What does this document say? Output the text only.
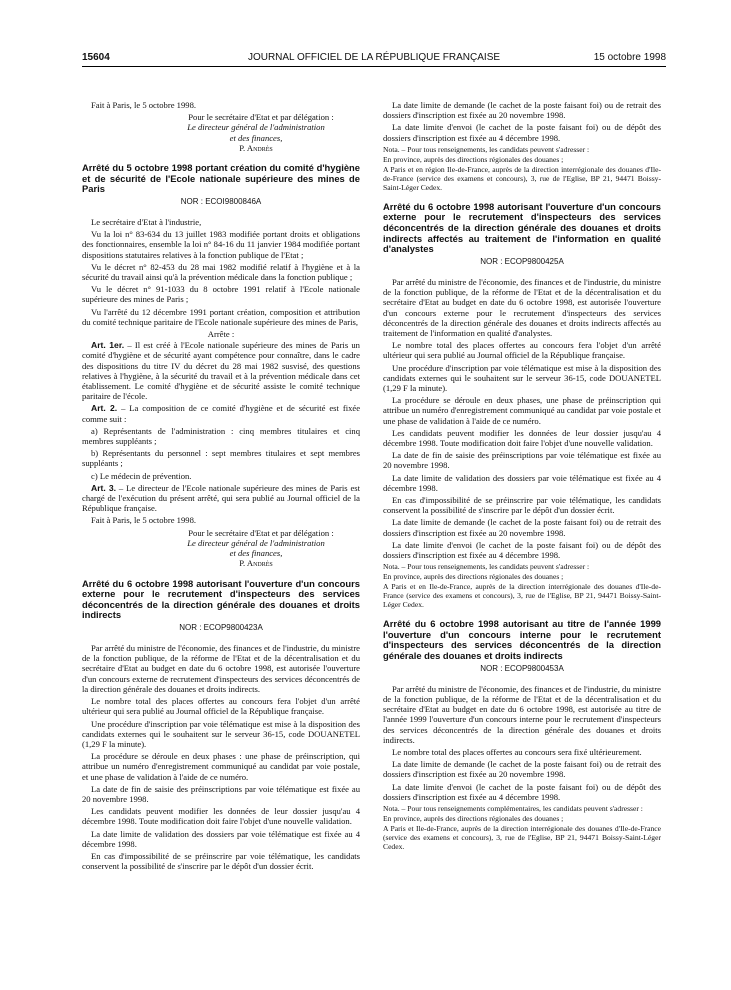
15604	JOURNAL OFFICIEL DE LA RÉPUBLIQUE FRANÇAISE	15 octobre 1998

Fait à Paris, le 5 octobre 1998.

Pour le secrétaire d'Etat et par délégation :

Le directeur général de l'administration

et des finances,

P. Andrès

Arrêté du 5 octobre 1998 portant création du comité d'hygiène et de sécurité de l'Ecole nationale supérieure des mines de Paris
NOR : ECOI9800846A

Le secrétaire d'Etat à l'industrie,

Vu la loi n° 83-634 du 13 juillet 1983 modifiée portant droits et obligations des fonctionnaires, ensemble la loi n° 84-16 du 11 janvier 1984 modifiée portant dispositions statutaires relatives à la fonction publique de l'Etat ;

Vu le décret n° 82-453 du 28 mai 1982 modifié relatif à l'hygiène et à la sécurité du travail ainsi qu'à la prévention médicale dans la fonction publique ;

Vu le décret n° 91-1033 du 8 octobre 1991 relatif à l'Ecole nationale supérieure des mines de Paris ;

Vu l'arrêté du 12 décembre 1991 portant création, composition et attribution du comité technique paritaire de l'Ecole nationale supérieure des mines de Paris,

Arrête :

Art. 1er. – Il est créé à l'Ecole nationale supérieure des mines de Paris un comité d'hygiène et de sécurité ayant compétence pour connaître, dans le cadre des dispositions du titre IV du décret du 28 mai 1982 susvisé, des questions relatives à l'hygiène, à la sécurité du travail et à la prévention médicale dans cet établissement. Le comité d'hygiène et de sécurité assiste le comité technique paritaire de l'école.

Art. 2. – La composition de ce comité d'hygiène et de sécurité est fixée comme suit :

a) Représentants de l'administration : cinq membres titulaires et cinq membres suppléants ;

b) Représentants du personnel : sept membres titulaires et sept membres suppléants ;

c) Le médecin de prévention.

Art. 3. – Le directeur de l'Ecole nationale supérieure des mines de Paris est chargé de l'exécution du présent arrêté, qui sera publié au Journal officiel de la République française.

Fait à Paris, le 5 octobre 1998.

Pour le secrétaire d'Etat et par délégation :

Le directeur général de l'administration

et des finances,

P. Andrès

Arrêté du 6 octobre 1998 autorisant l'ouverture d'un concours externe pour le recrutement d'inspecteurs des services déconcentrés de la direction générale des douanes et droits indirects
NOR : ECOP9800423A

Par arrêté du ministre de l'économie, des finances et de l'industrie, du ministre de la fonction publique, de la réforme de l'Etat et de la décentralisation et du secrétaire d'Etat au budget en date du 6 octobre 1998, est autorisée l'ouverture d'un concours externe de recrutement d'inspecteurs des services déconcentrés de la direction générale des douanes et droits indirects.

Le nombre total des places offertes au concours fera l'objet d'un arrêté ultérieur qui sera publié au Journal officiel de la République française.

Une procédure d'inscription par voie télématique est mise à la disposition des candidats externes qui le souhaitent sur le serveur 36-15, code DOUANETEL (1,29 F la minute).

La procédure se déroule en deux phases : une phase de préinscription, qui attribue un numéro d'enregistrement communiqué au candidat par voie postale, et une phase de validation à l'aide de ce numéro.

La date de fin de saisie des préinscriptions par voie télématique est fixée au 20 novembre 1998.

Les candidats peuvent modifier les données de leur dossier jusqu'au 4 décembre 1998. Toute modification doit faire l'objet d'une nouvelle validation.

La date limite de validation des dossiers par voie télématique est fixée au 4 décembre 1998.

En cas d'impossibilité de se préinscrire par voie télématique, les candidats conservent la possibilité de s'inscrire par le dépôt d'un dossier écrit.

La date limite de demande (le cachet de la poste faisant foi) ou de retrait des dossiers d'inscription est fixée au 20 novembre 1998.

La date limite d'envoi (le cachet de la poste faisant foi) ou de dépôt des dossiers d'inscription est fixée au 4 décembre 1998.

Nota. – Pour tous renseignements, les candidats peuvent s'adresser :

En province, auprès des directions régionales des douanes ;

A Paris et en région Ile-de-France, auprès de la direction interrégionale des douanes d'Ile-de-France (service des examens et concours), 3, rue de l'Eglise, BP 21, 94471 Boissy-Saint-Léger Cedex.

Arrêté du 6 octobre 1998 autorisant l'ouverture d'un concours externe pour le recrutement d'inspecteurs des services déconcentrés de la direction générale des douanes et droits indirects affectés au traitement de l'information en qualité d'analystes
NOR : ECOP9800425A

Par arrêté du ministre de l'économie, des finances et de l'industrie, du ministre de la fonction publique, de la réforme de l'Etat et de la décentralisation et du secrétaire d'Etat au budget en date du 6 octobre 1998, est autorisée l'ouverture d'un concours externe pour le recrutement d'inspecteurs des services déconcentrés de la direction générale des douanes et droits indirects affectés au traitement de l'information en qualité d'analystes.

Le nombre total des places offertes au concours fera l'objet d'un arrêté ultérieur qui sera publié au Journal officiel de la République française.

Une procédure d'inscription par voie télématique est mise à la disposition des candidats externes qui le souhaitent sur le serveur 36-15, code DOUANETEL (1,29 F la minute).

La procédure se déroule en deux phases, une phase de préinscription qui attribue un numéro d'enregistrement communiqué au candidat par voie postale et une phase de validation à l'aide de ce numéro.

Les candidats peuvent modifier les données de leur dossier jusqu'au 4 décembre 1998. Toute modification doit faire l'objet d'une nouvelle validation.

La date de fin de saisie des préinscriptions par voie télématique est fixée au 20 novembre 1998.

La date limite de validation des dossiers par voie télématique est fixée au 4 décembre 1998.

En cas d'impossibilité de se préinscrire par voie télématique, les candidats conservent la possibilité de s'inscrire par le dépôt d'un dossier écrit.

La date limite de demande (le cachet de la poste faisant foi) ou de retrait des dossiers d'inscription est fixée au 20 novembre 1998.

La date limite d'envoi (le cachet de la poste faisant foi) ou de dépôt des dossiers d'inscription est fixée au 4 décembre 1998.

Nota. – Pour tous renseignements, les candidats peuvent s'adresser :

En province, auprès des directions régionales des douanes ;

A Paris et en Ile-de-France, auprès de la direction interrégionale des douanes d'Ile-de-France (service des examens et concours), 3, rue de l'Eglise, BP 21, 94471 Boissy-Saint-Léger Cedex.

Arrêté du 6 octobre 1998 autorisant au titre de l'année 1999 l'ouverture d'un concours interne pour le recrutement d'inspecteurs des services déconcentrés de la direction générale des douanes et droits indirects
NOR : ECOP9800453A

Par arrêté du ministre de l'économie, des finances et de l'industrie, du ministre de la fonction publique, de la réforme de l'Etat et de la décentralisation et du secrétaire d'Etat au budget en date du 6 octobre 1998, est autorisée au titre de l'année 1999 l'ouverture d'un concours interne pour le recrutement d'inspecteurs des services déconcentrés de la direction générale des douanes et droits indirects.

Le nombre total des places offertes au concours sera fixé ultérieurement.

La date limite de demande (le cachet de la poste faisant foi) ou de retrait des dossiers d'inscription est fixée au 20 novembre 1998.

La date limite d'envoi (le cachet de la poste faisant foi) ou de dépôt des dossiers d'inscription est fixée au 4 décembre 1998.

Nota. – Pour tous renseignements complémentaires, les candidats peuvent s'adresser :

En province, auprès des directions régionales des douanes ;

A Paris et Ile-de-France, auprès de la direction interrégionale des douanes d'Ile-de-France (service des examens et concours), 3, rue de l'Eglise, BP 21, 94471 Boissy-Saint-Léger Cedex.
